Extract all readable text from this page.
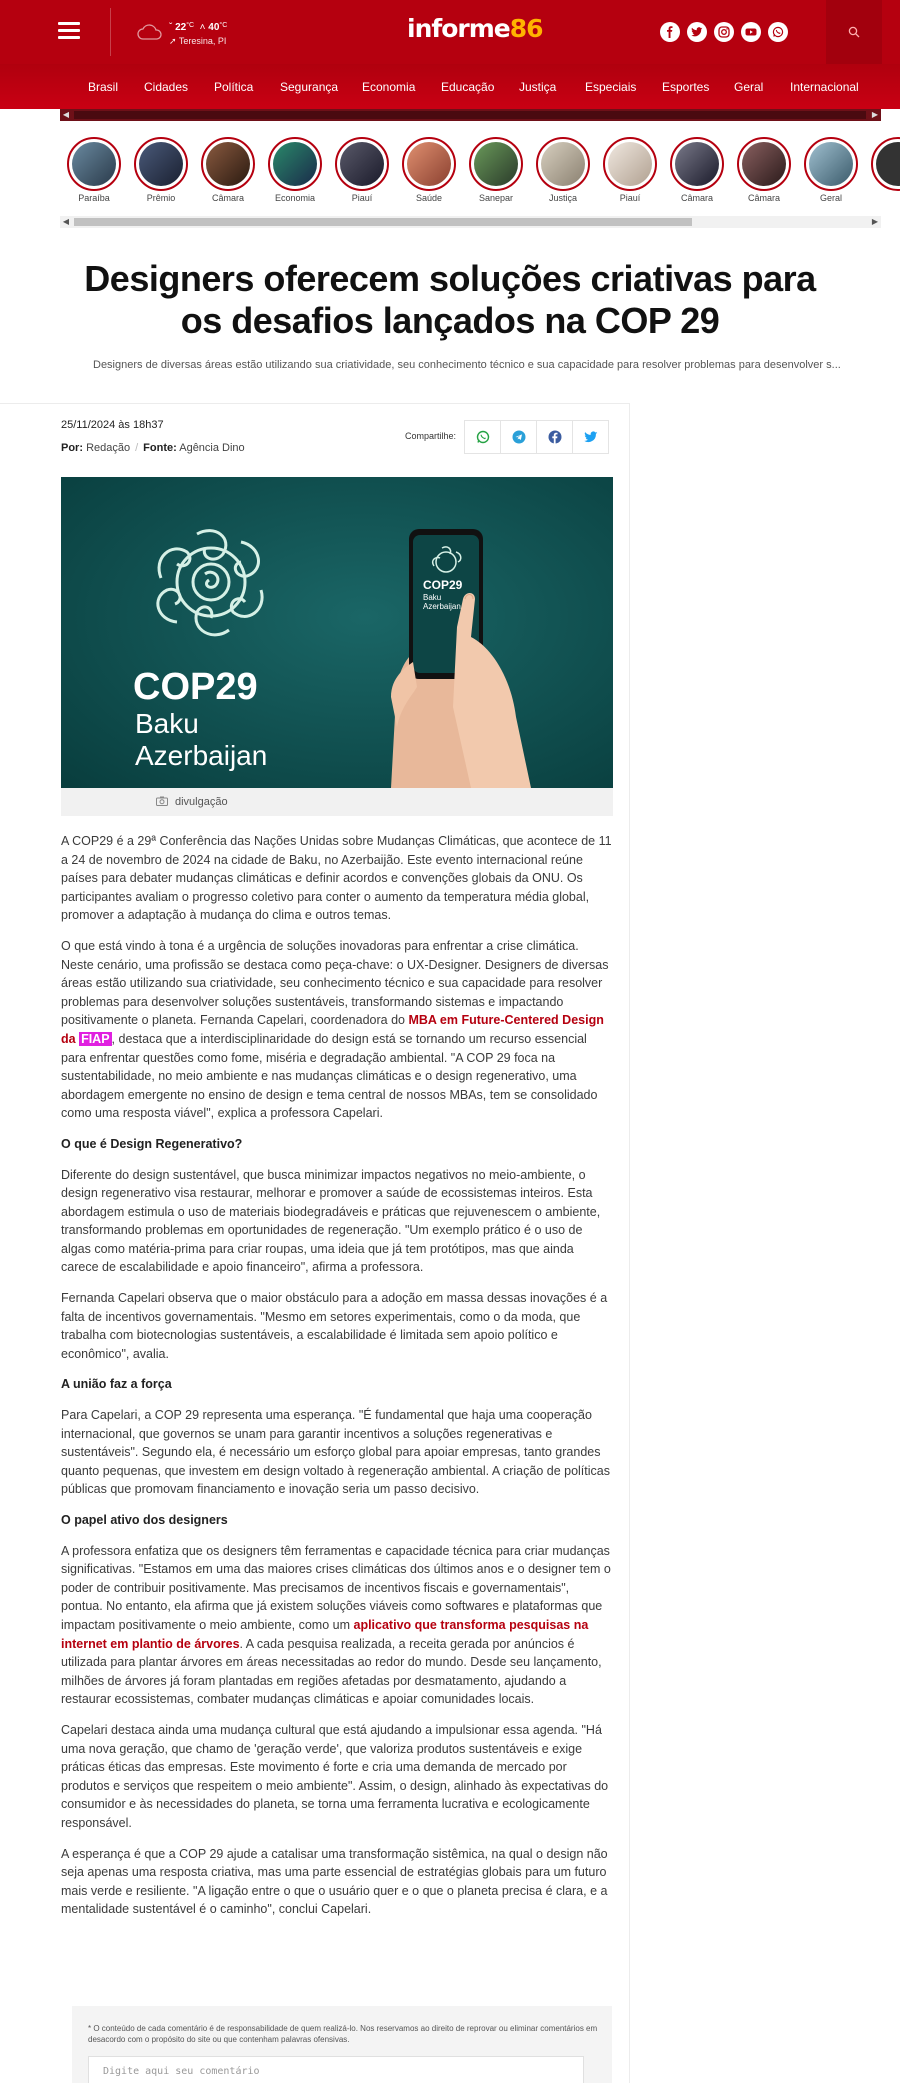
ˇ $22^{^\circ C}$  ˄ $40^{^\circ C}$
➚ Teresina, PI	informe86
Brasil Cidades Política Segurança Economia Educação Justiça Especiais Esportes Geral Internacional
◀	▶
Paraíba	Prêmio	Câmara	Economia	Piauí	Saúde	Sanepar	Justiça	Piauí	Câmara	Câmara	Geral
◀	▶
Designers oferecem soluções criativas para os desafios lançados na COP 29
Designers de diversas áreas estão utilizando sua criatividade, seu conhecimento técnico e sua capacidade para resolver problemas para desenvolver s...
25/11/2024 às 18h37
Por: Redação / Fonte: Agência Dino
Compartilhe:
COP29
Baku
Azerbaijan
COP29
Baku
Azerbaijan
divulgação

A COP29 é a 29ª Conferência das Nações Unidas sobre Mudanças Climáticas, que acontece de 11 a 24 de novembro de 2024 na cidade de Baku, no Azerbaijão. Este evento internacional reúne países para debater mudanças climáticas e definir acordos e convenções globais da ONU. Os participantes avaliam o progresso coletivo para conter o aumento da temperatura média global, promover a adaptação à mudança do clima e outros temas.

O que está vindo à tona é a urgência de soluções inovadoras para enfrentar a crise climática. Neste cenário, uma profissão se destaca como peça-chave: o UX-Designer. Designers de diversas áreas estão utilizando sua criatividade, seu conhecimento técnico e sua capacidade para resolver problemas para desenvolver soluções sustentáveis, transformando sistemas e impactando positivamente o planeta. Fernanda Capelari, coordenadora do MBA em Future-Centered Design da FIAP , destaca que a interdisciplinaridade do design está se tornando um recurso essencial para enfrentar questões como fome, miséria e degradação ambiental. "A COP 29 foca na sustentabilidade, no meio ambiente e nas mudanças climáticas e o design regenerativo, uma abordagem emergente no ensino de design e tema central de nossos MBAs, tem se consolidado como uma resposta viável", explica a professora Capelari.

O que é Design Regenerativo?

Diferente do design sustentável, que busca minimizar impactos negativos no meio-ambiente, o design regenerativo visa restaurar, melhorar e promover a saúde de ecossistemas inteiros. Esta abordagem estimula o uso de materiais biodegradáveis e práticas que rejuvenescem o ambiente, transformando problemas em oportunidades de regeneração. "Um exemplo prático é o uso de algas como matéria-prima para criar roupas, uma ideia que já tem protótipos, mas que ainda carece de escalabilidade e apoio financeiro", afirma a professora.

Fernanda Capelari observa que o maior obstáculo para a adoção em massa dessas inovações é a falta de incentivos governamentais. "Mesmo em setores experimentais, como o da moda, que trabalha com biotecnologias sustentáveis, a escalabilidade é limitada sem apoio político e econômico", avalia.

A união faz a força

Para Capelari, a COP 29 representa uma esperança. "É fundamental que haja uma cooperação internacional, que governos se unam para garantir incentivos a soluções regenerativas e sustentáveis". Segundo ela, é necessário um esforço global para apoiar empresas, tanto grandes quanto pequenas, que investem em design voltado à regeneração ambiental. A criação de políticas públicas que promovam financiamento e inovação seria um passo decisivo.

O papel ativo dos designers

A professora enfatiza que os designers têm ferramentas e capacidade técnica para criar mudanças significativas. "Estamos em uma das maiores crises climáticas dos últimos anos e o designer tem o poder de contribuir positivamente. Mas precisamos de incentivos fiscais e governamentais", pontua. No entanto, ela afirma que já existem soluções viáveis como softwares e plataformas que impactam positivamente o meio ambiente, como um aplicativo que transforma pesquisas na internet em plantio de árvores. A cada pesquisa realizada, a receita gerada por anúncios é utilizada para plantar árvores em áreas necessitadas ao redor do mundo. Desde seu lançamento, milhões de árvores já foram plantadas em regiões afetadas por desmatamento, ajudando a restaurar ecossistemas, combater mudanças climáticas e apoiar comunidades locais.

Capelari destaca ainda uma mudança cultural que está ajudando a impulsionar essa agenda. "Há uma nova geração, que chamo de 'geração verde', que valoriza produtos sustentáveis e exige práticas éticas das empresas. Este movimento é forte e cria uma demanda de mercado por produtos e serviços que respeitem o meio ambiente". Assim, o design, alinhado às expectativas do consumidor e às necessidades do planeta, se torna uma ferramenta lucrativa e ecologicamente responsável.

A esperança é que a COP 29 ajude a catalisar uma transformação sistêmica, na qual o design não seja apenas uma resposta criativa, mas uma parte essencial de estratégias globais para um futuro mais verde e resiliente. "A ligação entre o que o usuário quer e o que o planeta precisa é clara, e a mentalidade sustentável é o caminho", conclui Capelari.

* O conteúdo de cada comentário é de responsabilidade de quem realizá-lo. Nos reservamos ao direito de reprovar ou eliminar comentários em desacordo com o propósito do site ou que contenham palavras ofensivas.
Digite aqui seu comentário
